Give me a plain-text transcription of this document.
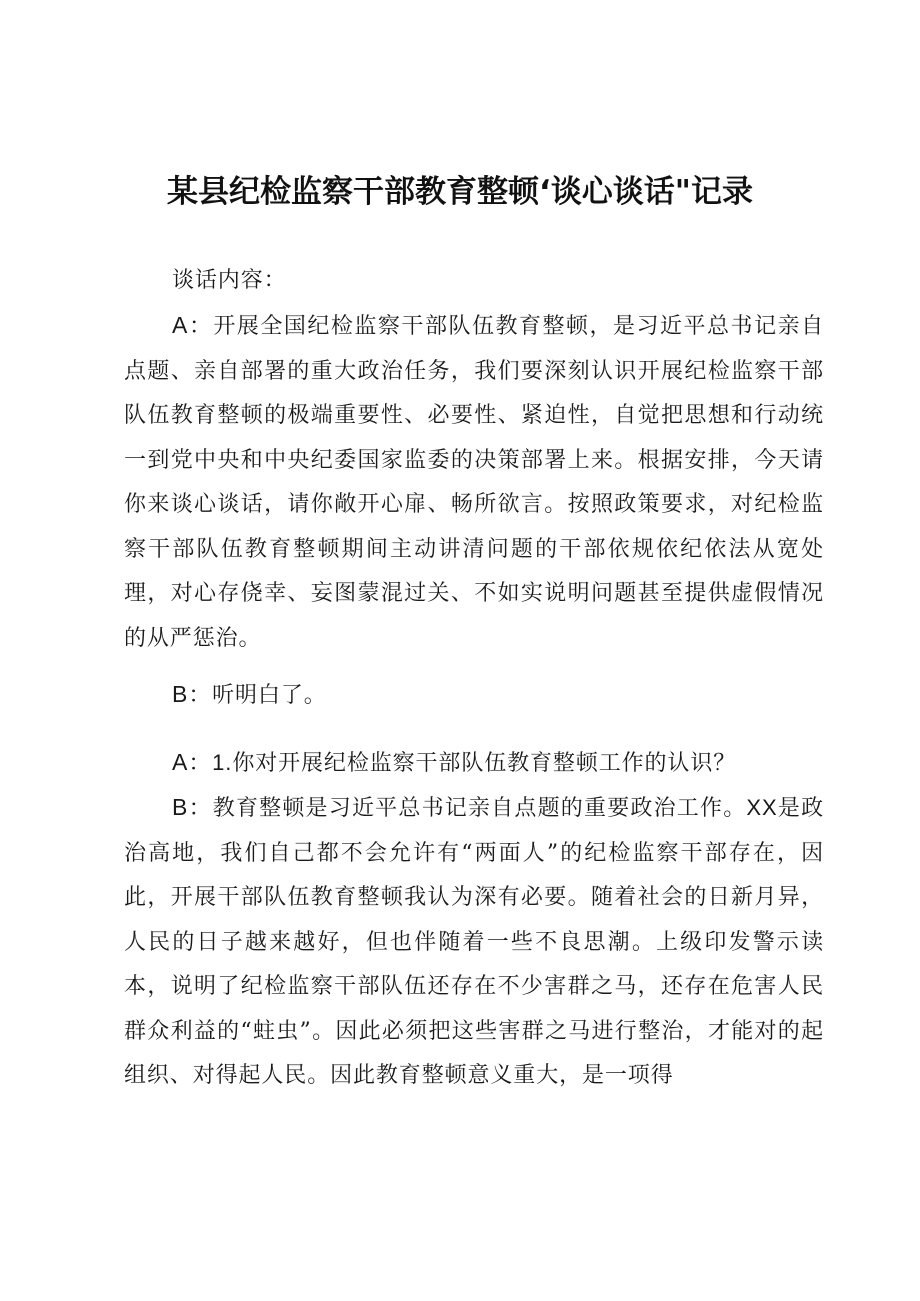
某县纪检监察干部教育整顿‘谈心谈话"记录

谈话内容：

A：开展全国纪检监察干部队伍教育整顿，是习近平总书记亲自点题、亲自部署的重大政治任务，我们要深刻认识开展纪检监察干部队伍教育整顿的极端重要性、必要性、紧迫性，自觉把思想和行动统一到党中央和中央纪委国家监委的决策部署上来。根据安排，今天请你来谈心谈话，请你敞开心扉、畅所欲言。按照政策要求，对纪检监察干部队伍教育整顿期间主动讲清问题的干部依规依纪依法从宽处理，对心存侥幸、妄图蒙混过关、不如实说明问题甚至提供虚假情况的从严惩治。

B：听明白了。

A：1.你对开展纪检监察干部队伍教育整顿工作的认识？

B：教育整顿是习近平总书记亲自点题的重要政治工作。XX是政治高地，我们自己都不会允许有“两面人”的纪检监察干部存在，因此，开展干部队伍教育整顿我认为深有必要。随着社会的日新月异，人民的日子越来越好，但也伴随着一些不良思潮。上级印发警示读本，说明了纪检监察干部队伍还存在不少害群之马，还存在危害人民群众利益的“蛀虫”。因此必须把这些害群之马进行整治，才能对的起组织、对得起人民。因此教育整顿意义重大，是一项得
